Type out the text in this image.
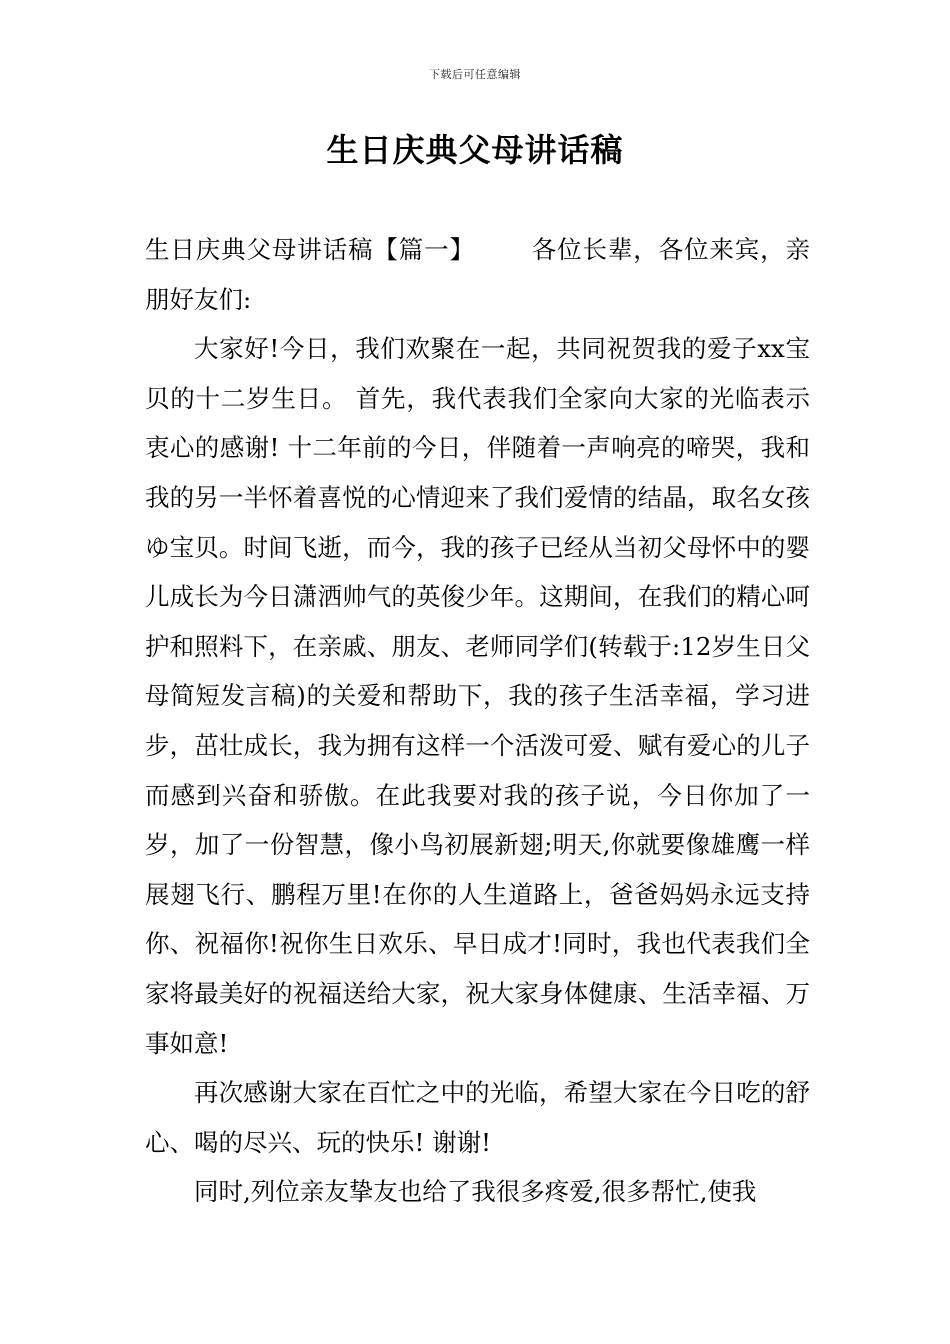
下载后可任意编辑
生日庆典父母讲话稿

生日庆典父母讲话稿【篇一】 各位长辈，各位来宾，亲朋好友们:

大家好!今日，我们欢聚在一起，共同祝贺我的爱子xx宝贝的十二岁生日。 首先，我代表我们全家向大家的光临表示衷心的感谢! 十二年前的今日，伴随着一声响亮的啼哭，我和我的另一半怀着喜悦的心情迎来了我们爱情的结晶，取名女孩ゆ宝贝。时间飞逝，而今，我的孩子已经从当初父母怀中的婴儿成长为今日潇洒帅气的英俊少年。这期间，在我们的精心呵护和照料下，在亲戚、朋友、老师同学们(转载于:12岁生日父母简短发言稿)的关爱和帮助下，我的孩子生活幸福，学习进步，茁壮成长，我为拥有这样一个活泼可爱、赋有爱心的儿子而感到兴奋和骄傲。在此我要对我的孩子说，今日你加了一岁，加了一份智慧，像小鸟初展新翅;明天,你就要像雄鹰一样展翅飞行、鹏程万里!在你的人生道路上，爸爸妈妈永远支持你、祝福你!祝你生日欢乐、早日成才!同时，我也代表我们全家将最美好的祝福送给大家，祝大家身体健康、生活幸福、万事如意!

再次感谢大家在百忙之中的光临，希望大家在今日吃的舒心、喝的尽兴、玩的快乐! 谢谢!

同时,列位亲友挚友也给了我很多疼爱,很多帮忙,使我
